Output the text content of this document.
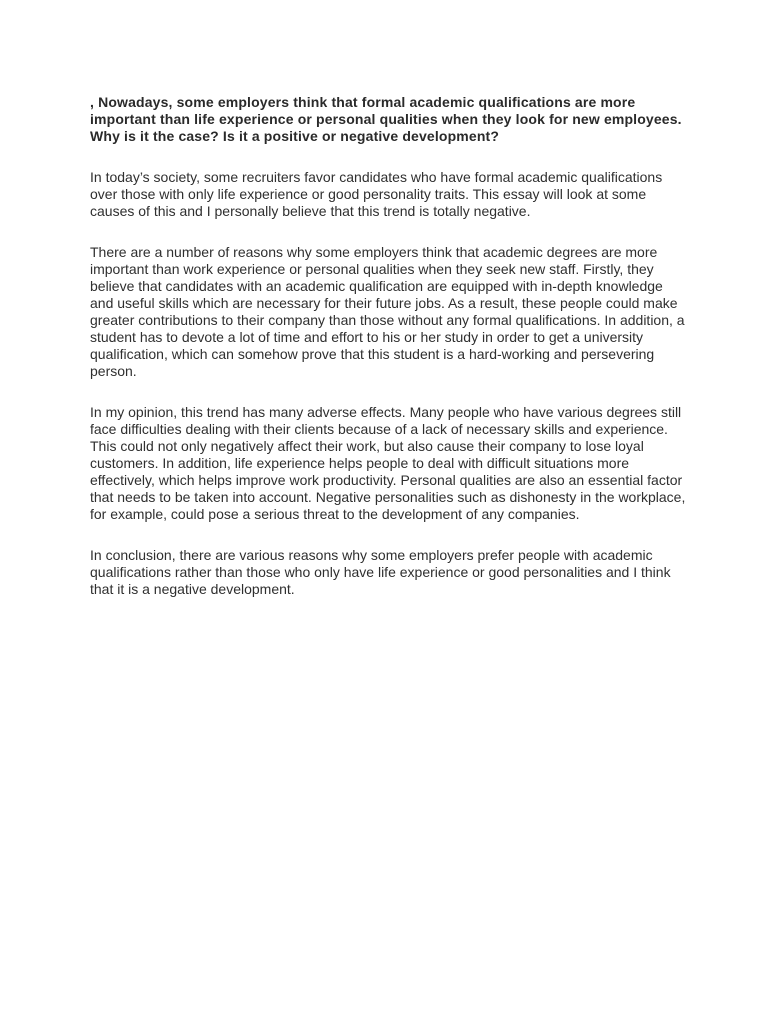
, Nowadays, some employers think that formal academic qualifications are more important than life experience or personal qualities when they look for new employees. Why is it the case? Is it a positive or negative development?

In today’s society, some recruiters favor candidates who have formal academic qualifications over those with only life experience or good personality traits. This essay will look at some causes of this and I personally believe that this trend is totally negative.

There are a number of reasons why some employers think that academic degrees are more important than work experience or personal qualities when they seek new staff. Firstly, they believe that candidates with an academic qualification are equipped with in-depth knowledge and useful skills which are necessary for their future jobs. As a result, these people could make greater contributions to their company than those without any formal qualifications. In addition, a student has to devote a lot of time and effort to his or her study in order to get a university qualification, which can somehow prove that this student is a hard-working and persevering person.

In my opinion, this trend has many adverse effects. Many people who have various degrees still face difficulties dealing with their clients because of a lack of necessary skills and experience. This could not only negatively affect their work, but also cause their company to lose loyal customers. In addition, life experience helps people to deal with difficult situations more effectively, which helps improve work productivity. Personal qualities are also an essential factor that needs to be taken into account. Negative personalities such as dishonesty in the workplace, for example, could pose a serious threat to the development of any companies.

In conclusion, there are various reasons why some employers prefer people with academic qualifications rather than those who only have life experience or good personalities and I think that it is a negative development.
